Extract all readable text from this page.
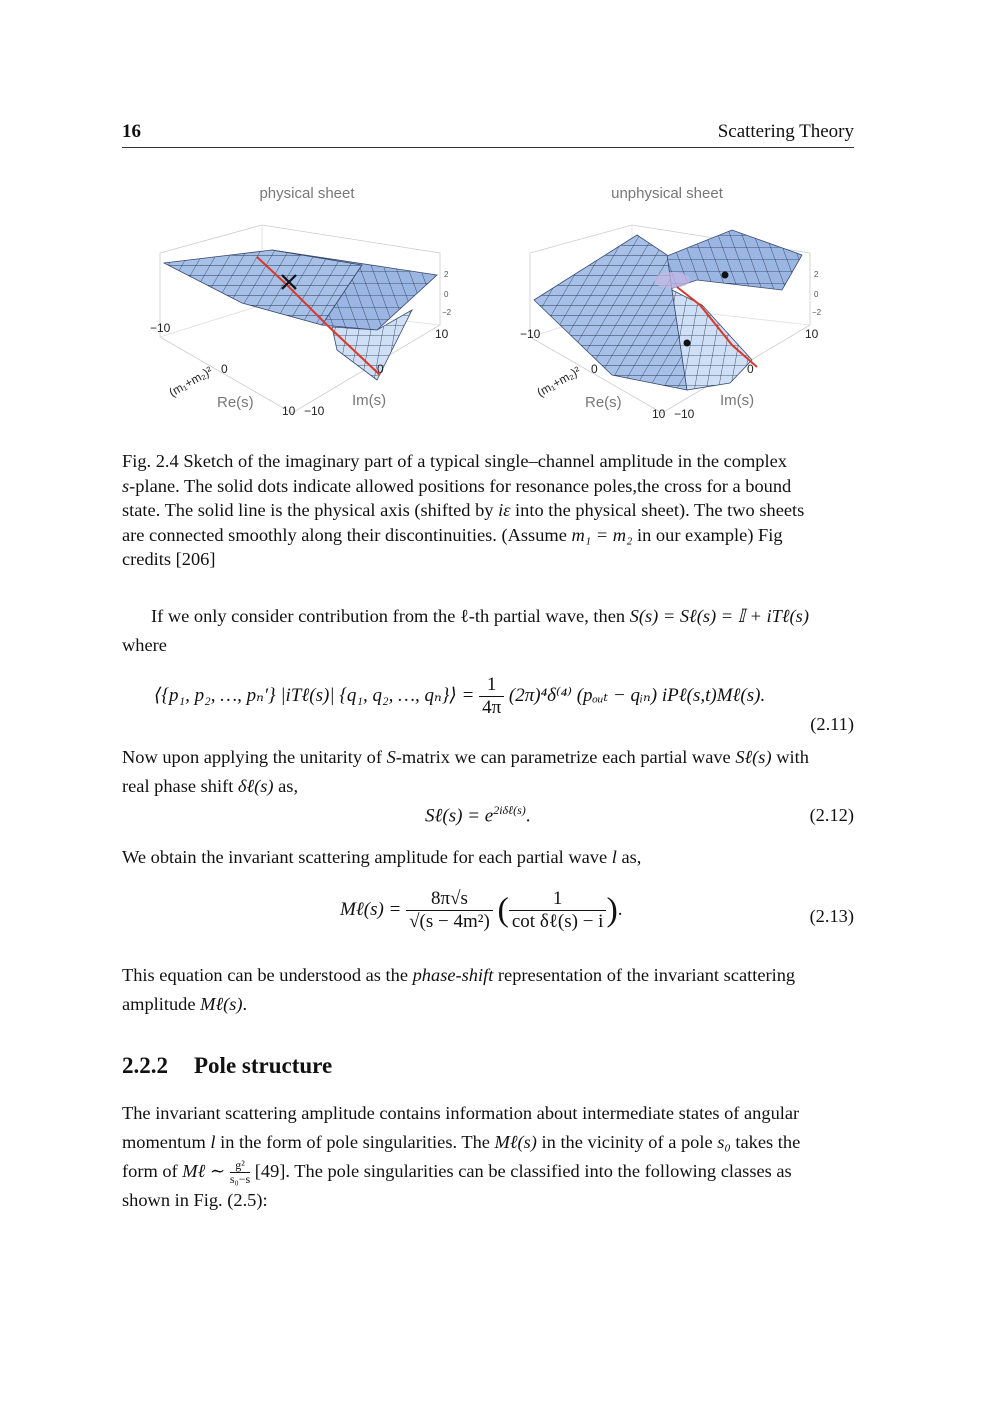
16	Scattering Theory
physical sheet
−10
0
10 −10
0
10
2
0
−2
Re(s)	Im(s)
(m₁+m₂)²
unphysical sheet
−10
0
10 −10
0
10
2
0
−2
Re(s)	Im(s)
(m₁+m₂)²
Fig. 2.4 Sketch of the imaginary part of a typical single–channel amplitude in the complex
s-plane. The solid dots indicate allowed positions for resonance poles,the cross for a bound
state. The solid line is the physical axis (shifted by iε into the physical sheet). The two sheets
are connected smoothly along their discontinuities. (Assume m₁ = m₂ in our example) Fig
credits [206]
If we only consider contribution from the ℓ-th partial wave, then S(s) = Sℓ(s) = 𝕀 + iTℓ(s)
where
⟨{p₁, p₂, …, pₙ′} |iTℓ(s)| {q₁, q₂, …, qₙ}⟩ = $\frac{1}{4\pi} (2\pi)^4\delta^{(4)}$ (pₒᵤₜ − qᵢₙ) iPℓ(s,t)Mℓ(s).
(2.11)
Now upon applying the unitarity of S-matrix we can parametrize each partial wave Sℓ(s) with
real phase shift δℓ(s) as,
Sℓ(s) = $e^{2i\delta\ell(s)}$.	(2.12)
We obtain the invariant scattering amplitude for each partial wave l as,
Mℓ(s) = $\frac{8\pi√s}{\text{√(s − 4m²)}}$ ( $\frac{1}{\text{cot δℓ(s) − i}}$ ).	(2.13)
This equation can be understood as the phase-shift representation of the invariant scattering
amplitude Mℓ(s).
2.2.2 Pole structure
The invariant scattering amplitude contains information about intermediate states of angular
momentum l in the form of pole singularities. The Mℓ(s) in the vicinity of a pole s₀ takes the
form of Mℓ ∼ $\frac{\text{g²}}{\text{s₀−s}} [49]$. The pole singularities can be classified into the following classes as
shown in Fig. (2.5):
